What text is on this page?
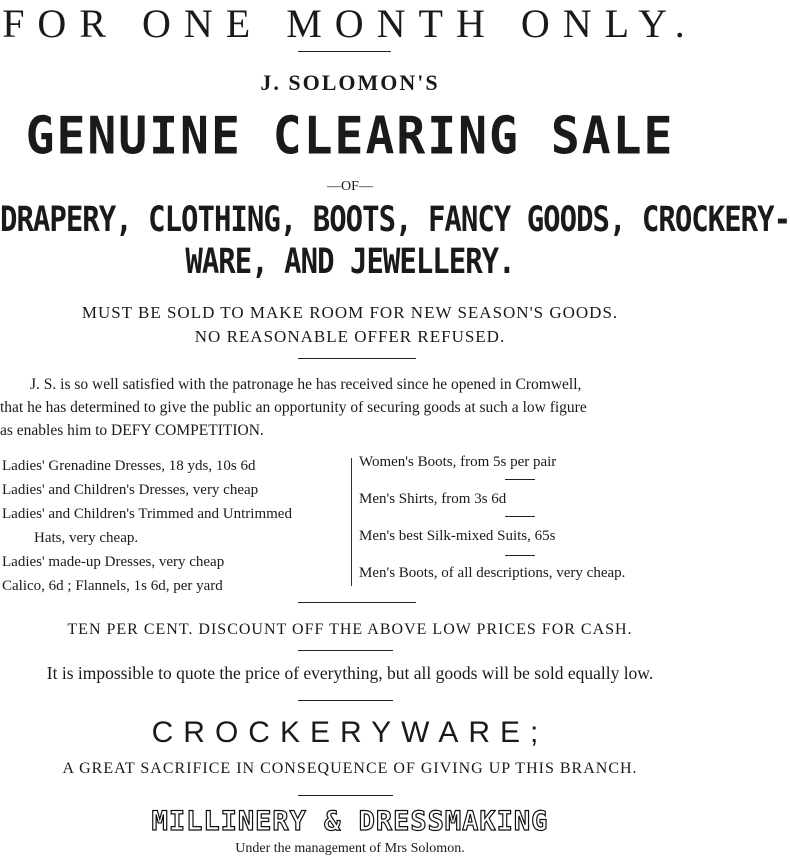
FOR ONE MONTH ONLY.
J. SOLOMON'S
GENUINE CLEARING SALE
—OF—
DRAPERY, CLOTHING, BOOTS, FANCY GOODS, CROCKERY-
WARE, AND JEWELLERY.
MUST BE SOLD TO MAKE ROOM FOR NEW SEASON'S GOODS.
NO REASONABLE OFFER REFUSED.
J. S. is so well satisfied with the patronage he has received since he opened in Cromwell,
that he has determined to give the public an opportunity of securing goods at such a low figure
as enables him to DEFY COMPETITION.
Ladies' Grenadine Dresses, 18 yds, 10s 6d
Ladies' and Children's Dresses, very cheap
Ladies' and Children's Trimmed and Untrimmed
Hats, very cheap.
Ladies' made-up Dresses, very cheap
Calico, 6d ; Flannels, 1s 6d, per yard
Women's Boots, from 5s per pair
Men's Shirts, from 3s 6d
Men's best Silk-mixed Suits, 65s
Men's Boots, of all descriptions, very cheap.
TEN PER CENT. DISCOUNT OFF THE ABOVE LOW PRICES FOR CASH.
It is impossible to quote the price of everything, but all goods will be sold equally low.
CROCKERYWARE;
A GREAT SACRIFICE IN CONSEQUENCE OF GIVING UP THIS BRANCH.
MILLINERY & DRESSMAKING
Under the management of Mrs Solomon.
